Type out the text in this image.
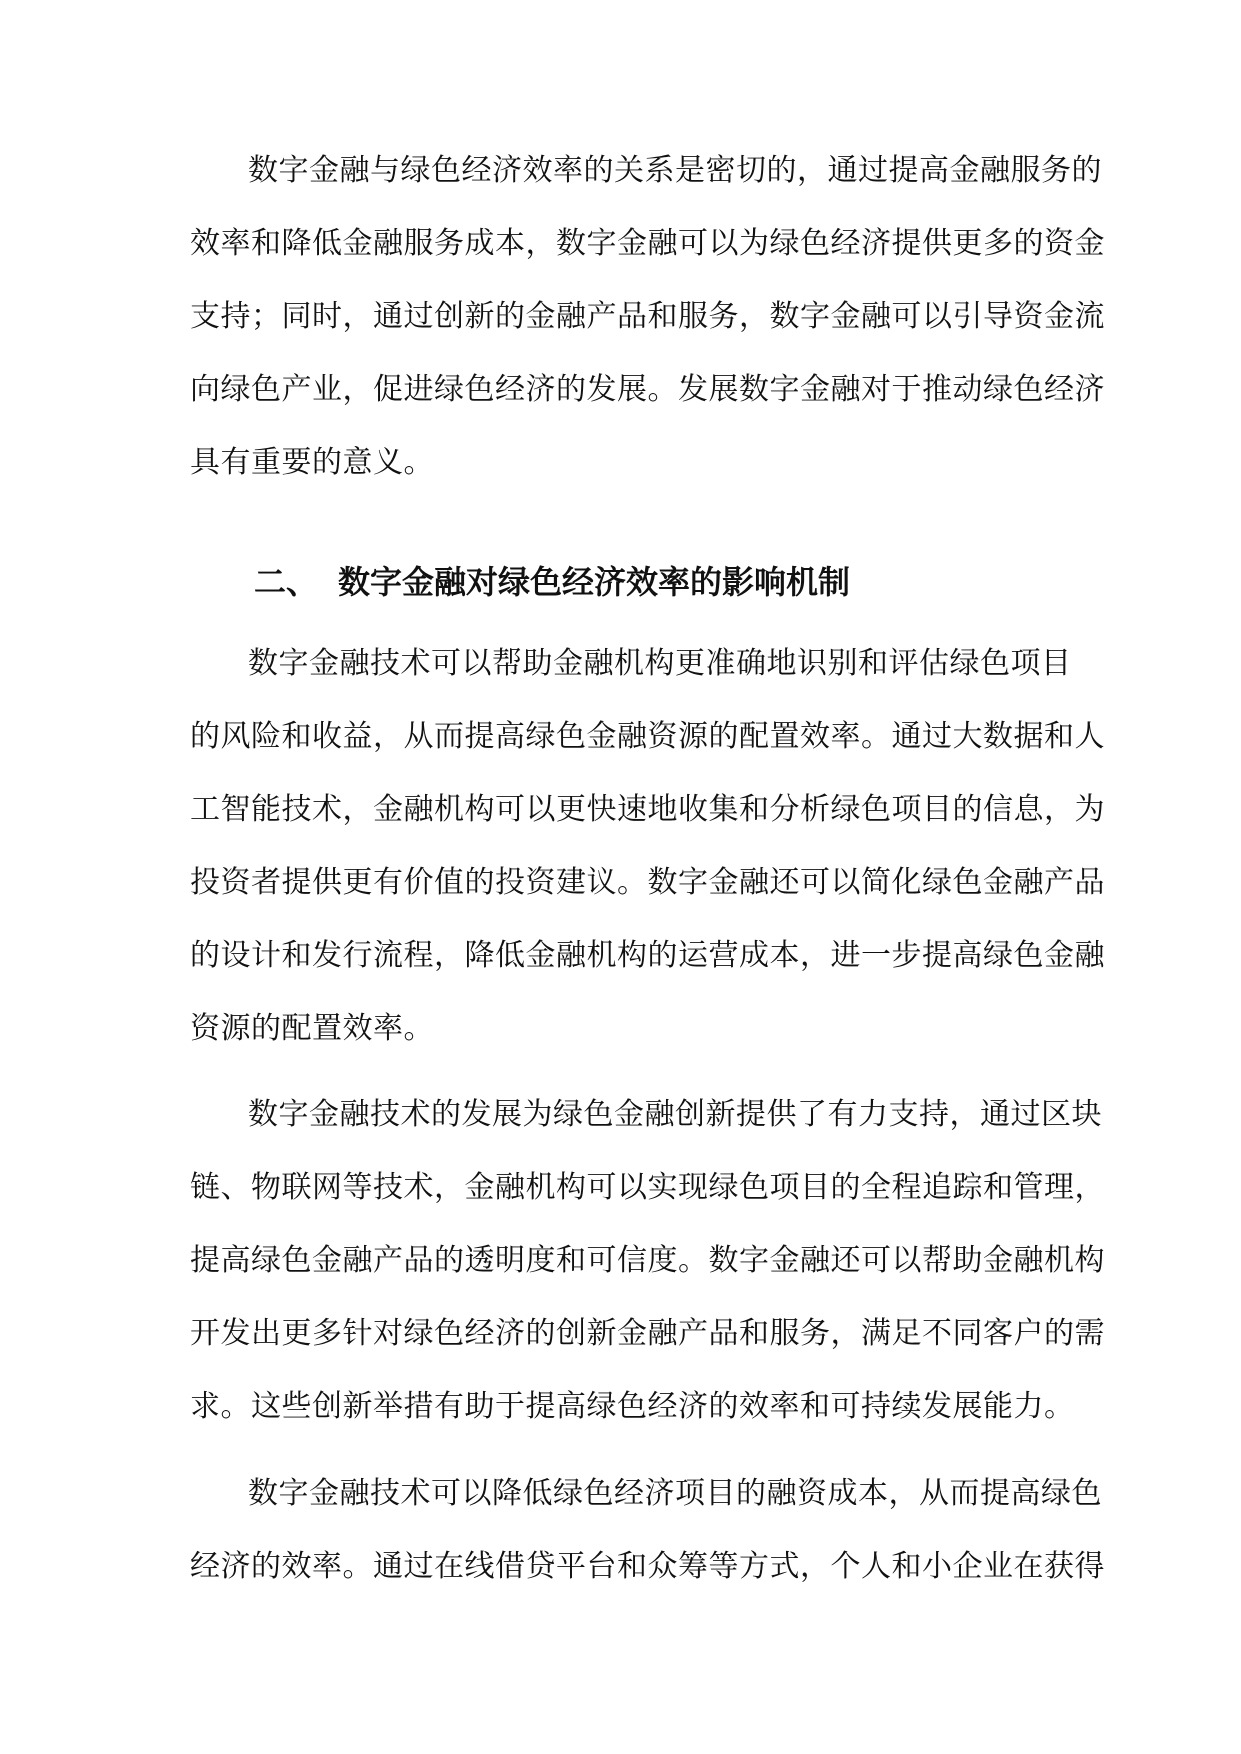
数字金融与绿色经济效率的关系是密切的，通过提高金融服务的
效率和降低金融服务成本，数字金融可以为绿色经济提供更多的资金
支持；同时，通过创新的金融产品和服务，数字金融可以引导资金流
向绿色产业，促进绿色经济的发展。发展数字金融对于推动绿色经济
具有重要的意义。
二、 数字金融对绿色经济效率的影响机制
数字金融技术可以帮助金融机构更准确地识别和评估绿色项目
的风险和收益，从而提高绿色金融资源的配置效率。通过大数据和人
工智能技术，金融机构可以更快速地收集和分析绿色项目的信息，为
投资者提供更有价值的投资建议。数字金融还可以简化绿色金融产品
的设计和发行流程，降低金融机构的运营成本，进一步提高绿色金融
资源的配置效率。
数字金融技术的发展为绿色金融创新提供了有力支持，通过区块
链、物联网等技术，金融机构可以实现绿色项目的全程追踪和管理，
提高绿色金融产品的透明度和可信度。数字金融还可以帮助金融机构
开发出更多针对绿色经济的创新金融产品和服务，满足不同客户的需
求。这些创新举措有助于提高绿色经济的效率和可持续发展能力。
数字金融技术可以降低绿色经济项目的融资成本，从而提高绿色
经济的效率。通过在线借贷平台和众筹等方式，个人和小企业在获得
